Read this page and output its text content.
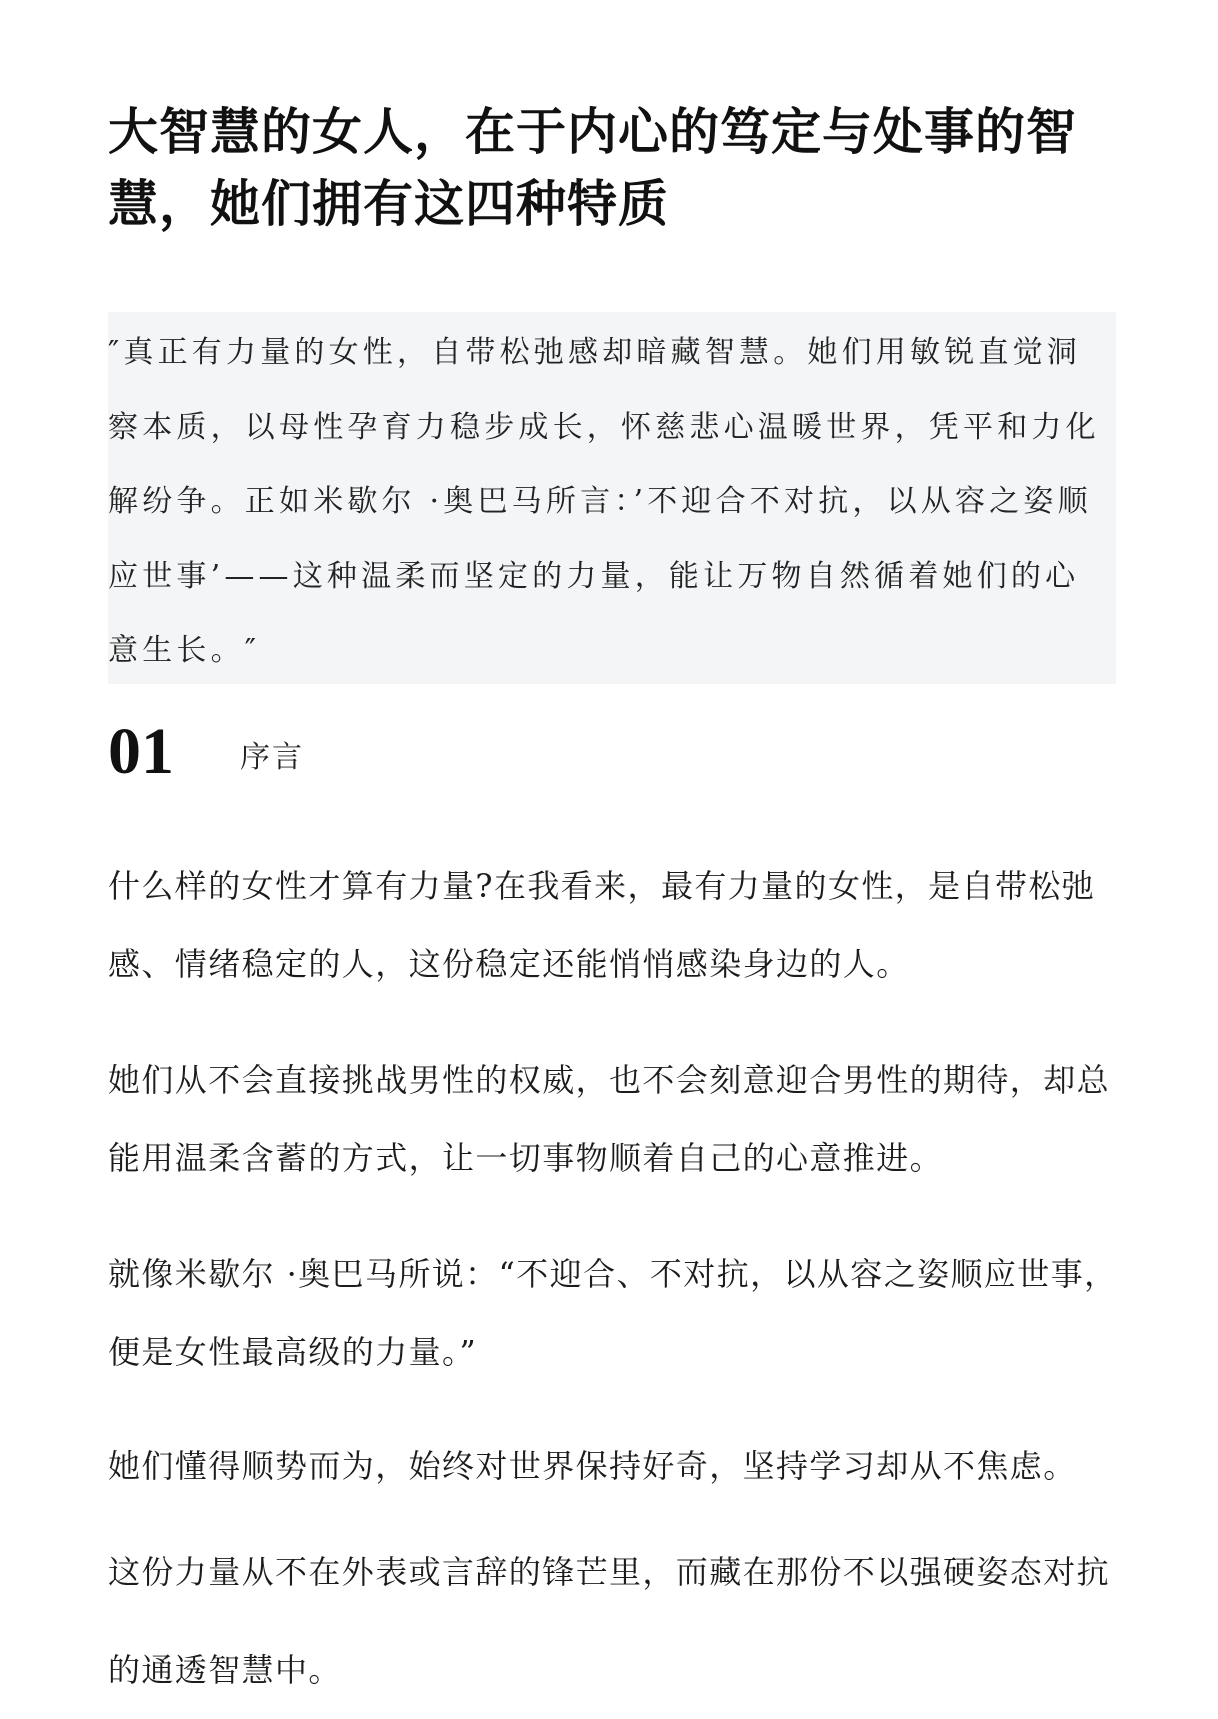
大智慧的女人，在于内心的笃定与处事的智慧，她们拥有这四种特质
″真正有力量的女性，自带松弛感却暗藏智慧。她们用敏锐直觉洞察本质，以母性孕育力稳步成长，怀慈悲心温暖世界，凭平和力化解纷争。正如米歇尔 ·奥巴马所言：’不迎合不对抗，以从容之姿顺应世事’——这种温柔而坚定的力量，能让万物自然循着她们的心意生长。″
01 序言

什么样的女性才算有力量?在我看来，最有力量的女性，是自带松弛感、情绪稳定的人，这份稳定还能悄悄感染身边的人。

她们从不会直接挑战男性的权威，也不会刻意迎合男性的期待，却总能用温柔含蓄的方式，让一切事物顺着自己的心意推进。

就像米歇尔 ·奥巴马所说：“不迎合、不对抗，以从容之姿顺应世事，便是女性最高级的力量。”

她们懂得顺势而为，始终对世界保持好奇，坚持学习却从不焦虑。

这份力量从不在外表或言辞的锋芒里，而藏在那份不以强硬姿态对抗的通透智慧中。
